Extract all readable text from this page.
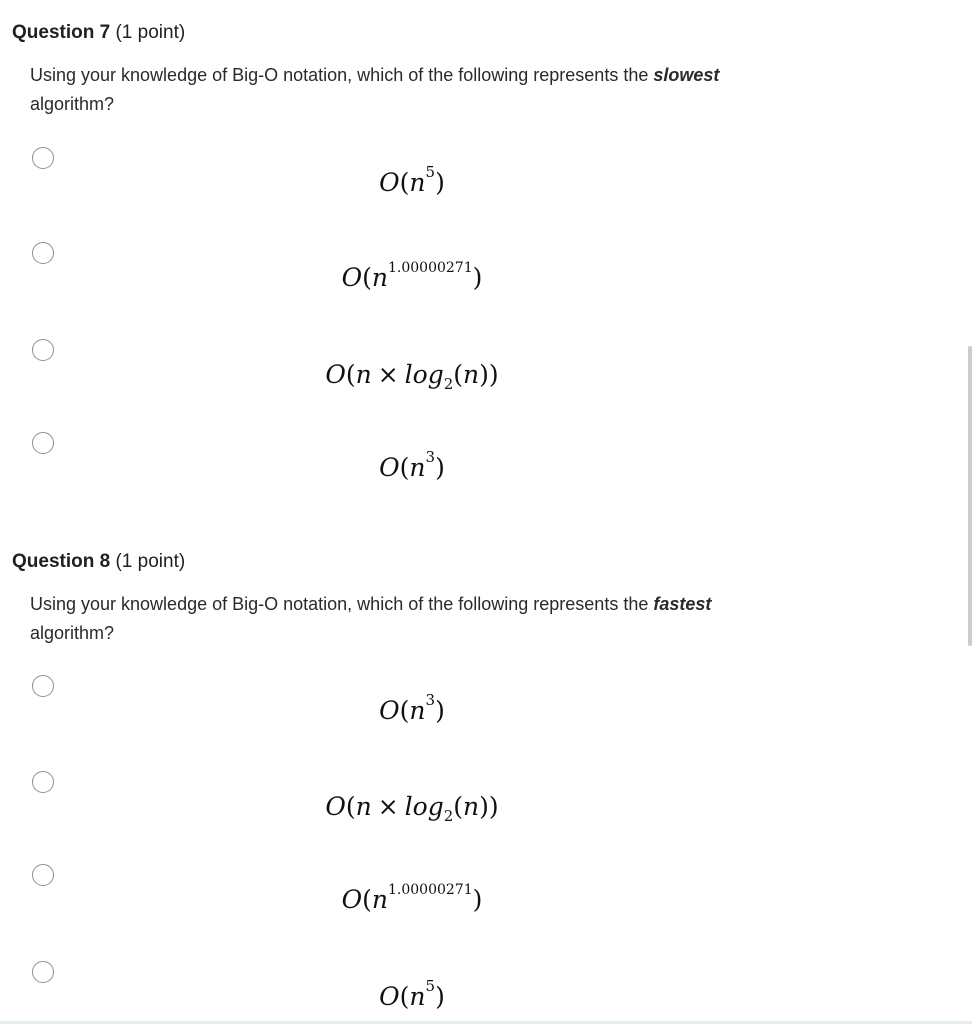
Question 7 (1 point)
Using your knowledge of Big-O notation, which of the following represents the slowest algorithm?
$O(n^5)$
$O(n^{1.00000271})$
$O(n \times \log_2(n))$
$O(n^3)$
Question 8 (1 point)
Using your knowledge of Big-O notation, which of the following represents the fastest algorithm?
$O(n^3)$
$O(n \times \log_2(n))$
$O(n^{1.00000271})$
$O(n^5)$
